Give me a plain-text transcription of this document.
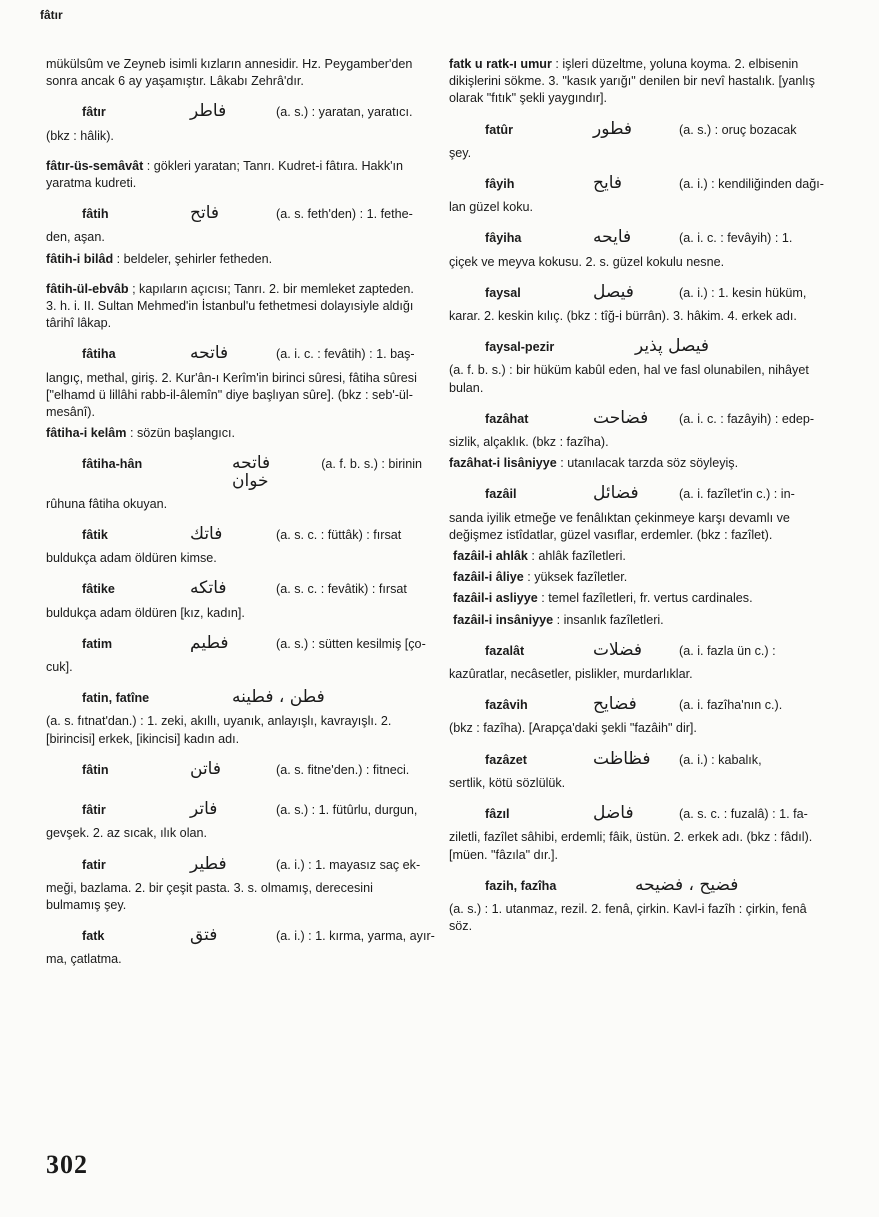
fâtır
mükülsûm ve Zeyneb isimli kızların annesidir. Hz. Peygamber'den sonra ancak 6 ay yaşamıştır. Lâkabı Zehrâ'dır.
fâtır	فاطر	(a. s.) : yaratan, yaratıcı.
(bkz : hâlik).
fâtır-üs-semâvât : gökleri yaratan; Tanrı. Kudret-i fâtıra. Hakk'ın yaratma kudreti.
fâtih	فاتح	(a. s. feth'den) : 1. fethe-
den, aşan.
fâtih-i bilâd : beldeler, şehirler fetheden.
fâtih-ül-ebvâb ; kapıların açıcısı; Tanrı. 2. bir memleket zapteden. 3. h. i. II. Sultan Mehmed'in İstanbul'u fethetmesi dolayısiyle aldığı târihî lâkap.
fâtiha	فاتحه	(a. i. c. : fevâtih) : 1. baş-
langıç, methal, giriş. 2. Kur'ân-ı Kerîm'in birinci sûresi, fâtiha sûresi ["elhamd ü lillâhi rabb-il-âlemîn" diye başlıyan sûre]. (bkz : seb'-ül-mesânî).
fâtiha-i kelâm : sözün başlangıcı.
fâtiha-hân	فاتحه خوان
(a. f. b. s.) : birinin
rûhuna fâtiha okuyan.
fâtik	فاتك	(a. s. c. : füttâk) : fırsat
buldukça adam öldüren kimse.
fâtike	فاتكه	(a. s. c. : fevâtik) : fırsat
buldukça adam öldüren [kız, kadın].
fatim	فطيم	(a. s.) : sütten kesilmiş [ço-
cuk].
fatin, fatîne	فطن ، فطينه
(a. s. fıtnat'dan.) : 1. zeki, akıllı, uyanık, anlayışlı, kavrayışlı. 2. [birincisi] erkek, [ikincisi] kadın adı.
fâtin	فاتن	(a. s. fitne'den.) : fitneci.
fâtir	فاتر	(a. s.) : 1. fütûrlu, durgun,
gevşek. 2. az sıcak, ılık olan.
fatir	فطير	(a. i.) : 1. mayasız saç ek-
meği, bazlama. 2. bir çeşit pasta. 3. s. olmamış, derecesini bulmamış şey.
fatk	فتق	(a. i.) : 1. kırma, yarma, ayır-
ma, çatlatma.
fatk u ratk-ı umur : işleri düzeltme, yoluna koyma. 2. elbisenin dikişlerini sökme. 3. "kasık yarığı" denilen bir nevî hastalık. [yanlış olarak "fıtık" şekli yaygındır].
fatûr	فطور	(a. s.) : oruç bozacak
şey.
fâyih	فايح	(a. i.) : kendiliğinden dağı-
lan güzel koku.
fâyiha	فايحه	(a. i. c. : fevâyih) : 1.
çiçek ve meyva kokusu. 2. s. güzel kokulu nesne.
faysal	فيصل	(a. i.) : 1. kesin hüküm,
karar. 2. keskin kılıç. (bkz : tîğ-i bürrân). 3. hâkim. 4. erkek adı.
faysal-pezir	فيصل پذير
(a. f. b. s.) : bir hüküm kabûl eden, hal ve fasl olunabilen, nihâyet bulan.
fazâhat	فضاحت	(a. i. c. : fazâyih) : edep-
sizlik, alçaklık. (bkz : fazîha).
fazâhat-i lisâniyye : utanılacak tarzda söz söyleyiş.
fazâil	فضائل	(a. i. fazîlet'in c.) : in-
sanda iyilik etmeğe ve fenâlıktan çekinmeye karşı devamlı ve değişmez istîdatlar, güzel vasıflar, erdemler. (bkz : fazîlet).
fazâil-i ahlâk : ahlâk fazîletleri.
fazâil-i âliye : yüksek fazîletler.
fazâil-i asliyye : temel fazîletleri, fr. vertus cardinales.
fazâil-i insâniyye : insanlık fazîletleri.
fazalât	فضلات	(a. i. fazla ün c.) :
kazûratlar, necâsetler, pislikler, murdarlıklar.
fazâvih	فضايح	(a. i. fazîha'nın c.).
(bkz : fazîha). [Arapça'daki şekli "fazâih" dir].
fazâzet	فظاظت	(a. i.) : kabalık,
sertlik, kötü sözlülük.
fâzıl	فاضل	(a. s. c. : fuzalâ) : 1. fa-
ziletli, fazîlet sâhibi, erdemli; fâik, üstün. 2. erkek adı. (bkz : fâdıl). [müen. "fâzıla" dır.].
fazih, fazîha	فضيح ، فضيحه
(a. s.) : 1. utanmaz, rezil. 2. fenâ, çirkin. Kavl-i fazîh : çirkin, fenâ söz.
302
